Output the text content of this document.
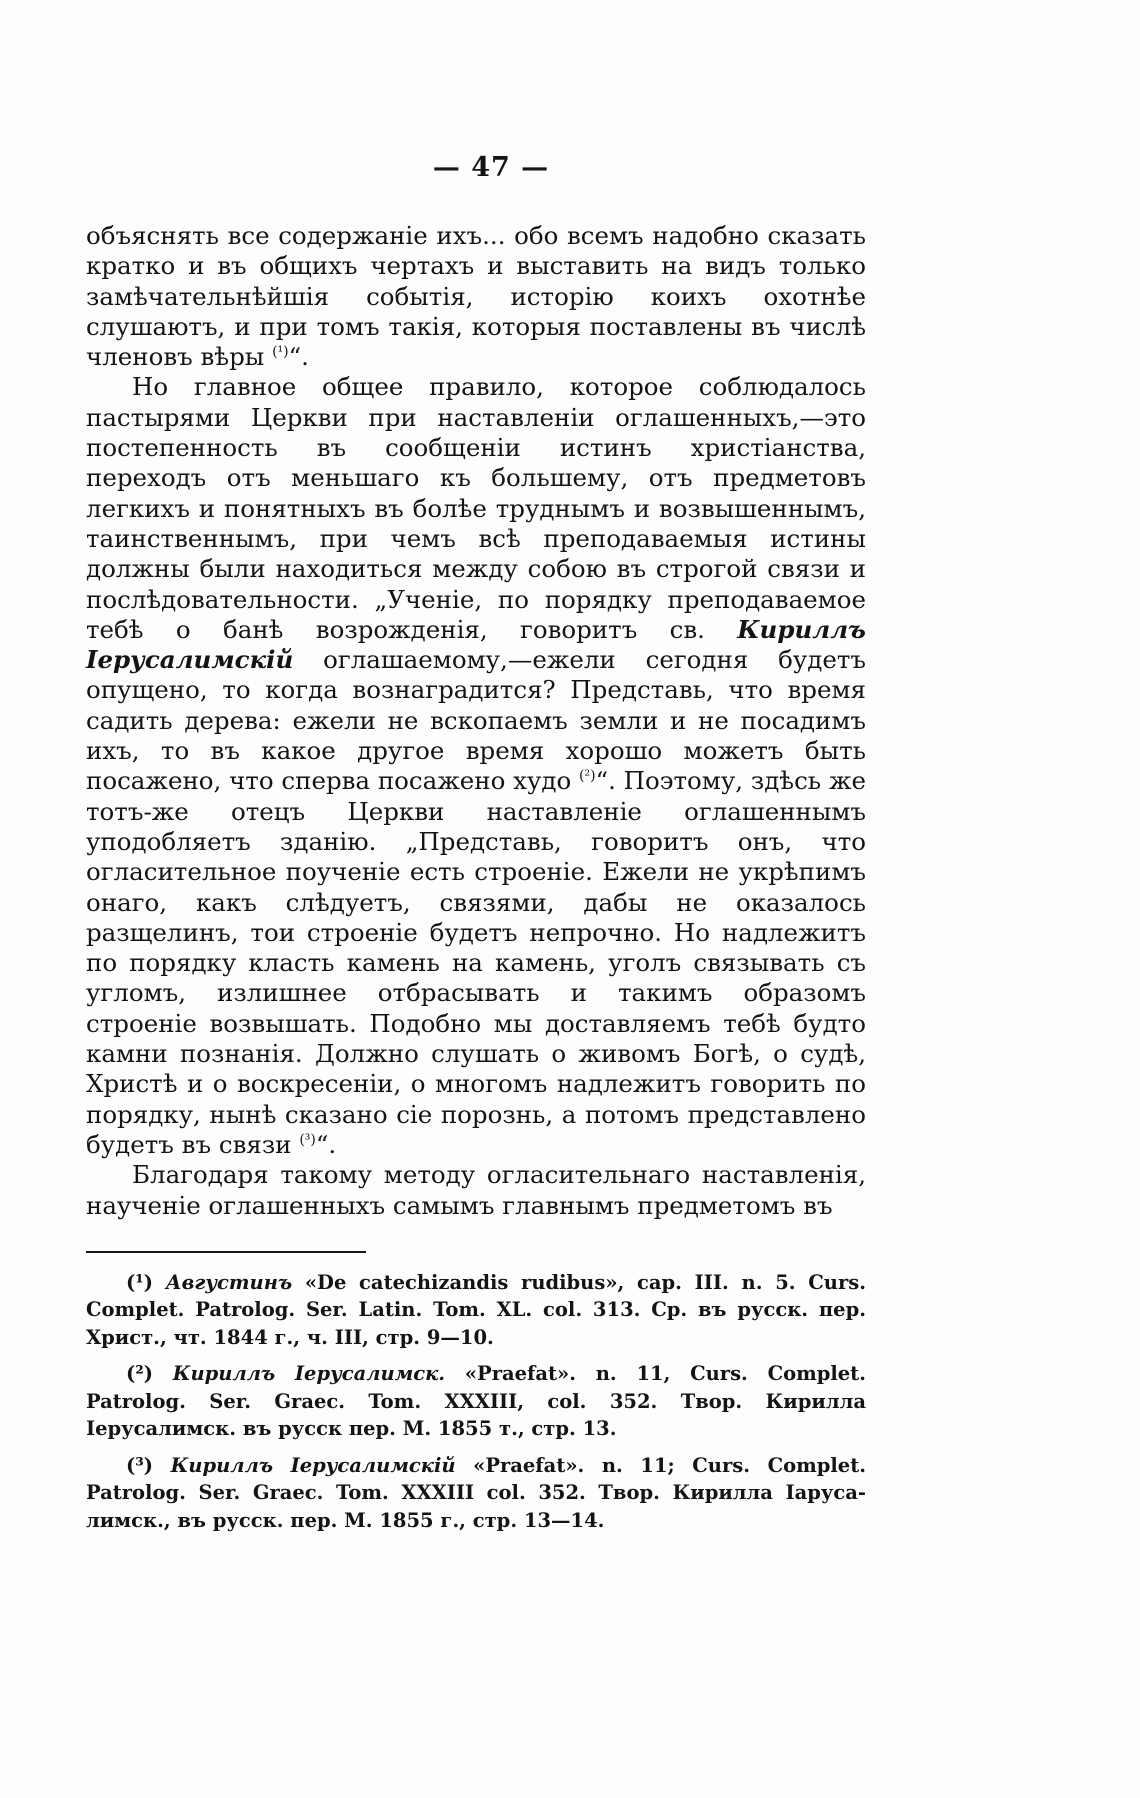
— 47 —

объяснять все содержаніе ихъ... обо всемъ надобно сказать кратко и въ общихъ чертахъ и выставить на видъ только замѣчательнѣйшія событія, исторію коихъ охотнѣе слушаютъ, и при томъ такія, которыя поставлены въ числѣ членовъ вѣры $^{(^1)}$“.

Но главное общее правило, которое соблюдалось пастырями Церкви при наставленіи оглашенныхъ,—это постепенность въ сообщеніи истинъ христіанства, переходъ отъ меньшаго къ большему, отъ предметовъ легкихъ и понятныхъ въ болѣе труднымъ и возвышеннымъ, таинственнымъ, при чемъ всѣ преподаваемыя истины должны были находиться между собою въ строгой связи и послѣдовательности. „Ученіе, по порядку преподаваемое тебѣ о банѣ возрожденія, говоритъ св. Кириллъ Іерусалимскій оглашаемому,—ежели сегодня будетъ опущено, то когда вознаградится? Представь, что время садить дерева: ежели не вскопаемъ земли и не посадимъ ихъ, то въ какое другое время хорошо можетъ быть посажено, что сперва посажено худо $^{(^2)}$“. Поэтому, здѣсь же тотъ-же отецъ Церкви наставленіе оглашеннымъ уподобляетъ зданію. „Представь, говоритъ онъ, что огласительное поученіе есть строеніе. Ежели не укрѣпимъ онаго, какъ слѣдуетъ, связями, дабы не оказалось разщелинъ, тои строеніе будетъ непрочно. Но надлежитъ по порядку класть камень на камень, уголъ связывать съ угломъ, излишнее отбрасывать и такимъ образомъ строеніе возвышать. Подобно мы доставляемъ тебѣ будто камни познанія. Должно слушать о живомъ Богѣ, о судѣ, Христѣ и о воскресеніи, о многомъ надлежитъ говорить по порядку, нынѣ сказано сіе порознь, а потомъ представлено будетъ въ связи $^{(^3)}$“.

Благодаря такому методу огласительнаго наставленія, наученіе оглашенныхъ самымъ главнымъ предметомъ въ

(¹) Августинъ «De catechizandis rudibus», cap. III. n. 5. Curs. Complet. Patrolog. Ser. Latin. Tom. XL. col. 313. Cp. въ русск. пер. Христ., чт. 1844 г., ч. III, стр. 9—10.

(²) Кириллъ Іерусалимск. «Praefat». n. 11, Curs. Complet. Patrolog. Ser. Graec. Tom. XXXIII, col. 352. Твор. Кирилла Іерусалимск. въ русск пер. М. 1855 т., стр. 13.

(³) Кириллъ Іерусалимскій «Praefat». n. 11; Curs. Complet. Patrolog. Ser. Graec. Tom. XXXIII col. 352. Твор. Кирилла Іаруса-лимск., въ русск. пер. М. 1855 г., стр. 13—14.
